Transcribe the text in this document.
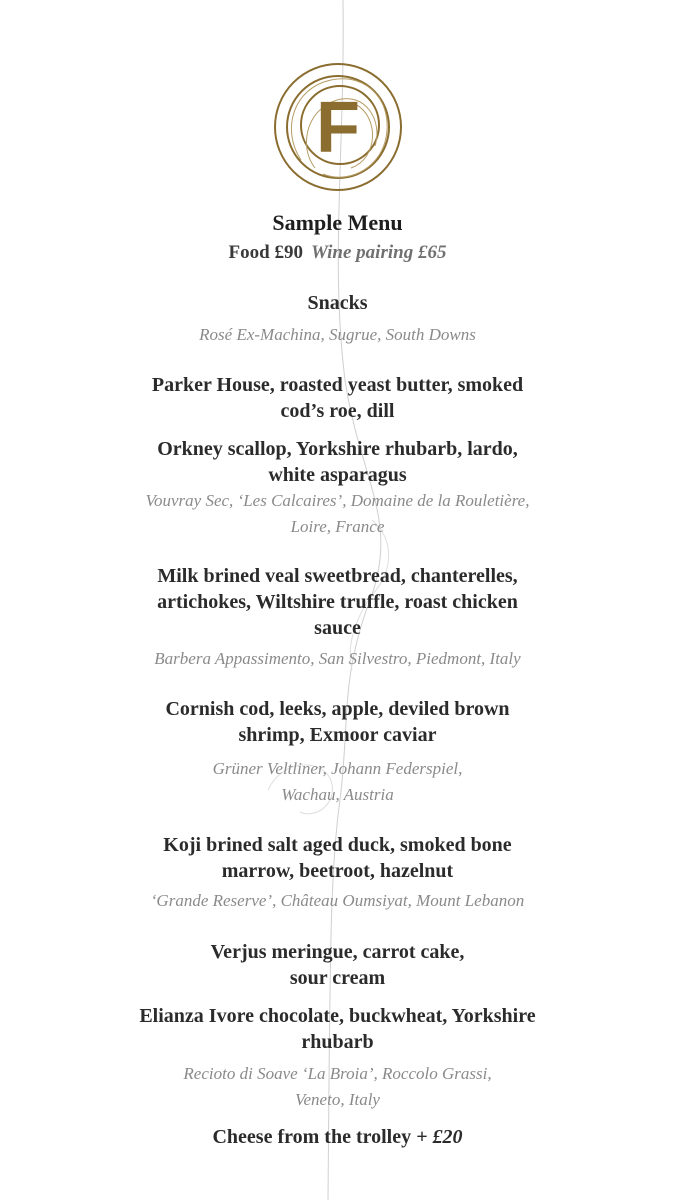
F
Sample Menu
Food £90 Wine pairing £65
Snacks
Rosé Ex-Machina, Sugrue, South Downs
Parker House, roasted yeast butter, smoked
cod’s roe, dill
Orkney scallop, Yorkshire rhubarb, lardo,
white asparagus
Vouvray Sec, ‘Les Calcaires’, Domaine de la Rouletière,
Loire, France
Milk brined veal sweetbread, chanterelles,
artichokes, Wiltshire truffle, roast chicken
sauce
Barbera Appassimento, San Silvestro, Piedmont, Italy
Cornish cod, leeks, apple, deviled brown
shrimp, Exmoor caviar
Grüner Veltliner, Johann Federspiel,
Wachau, Austria
Koji brined salt aged duck, smoked bone
marrow, beetroot, hazelnut
‘Grande Reserve’, Château Oumsiyat, Mount Lebanon
Verjus meringue, carrot cake,
sour cream
Elianza Ivore chocolate, buckwheat, Yorkshire
rhubarb
Recioto di Soave ‘La Broia’, Roccolo Grassi,
Veneto, Italy
Cheese from the trolley + £20
